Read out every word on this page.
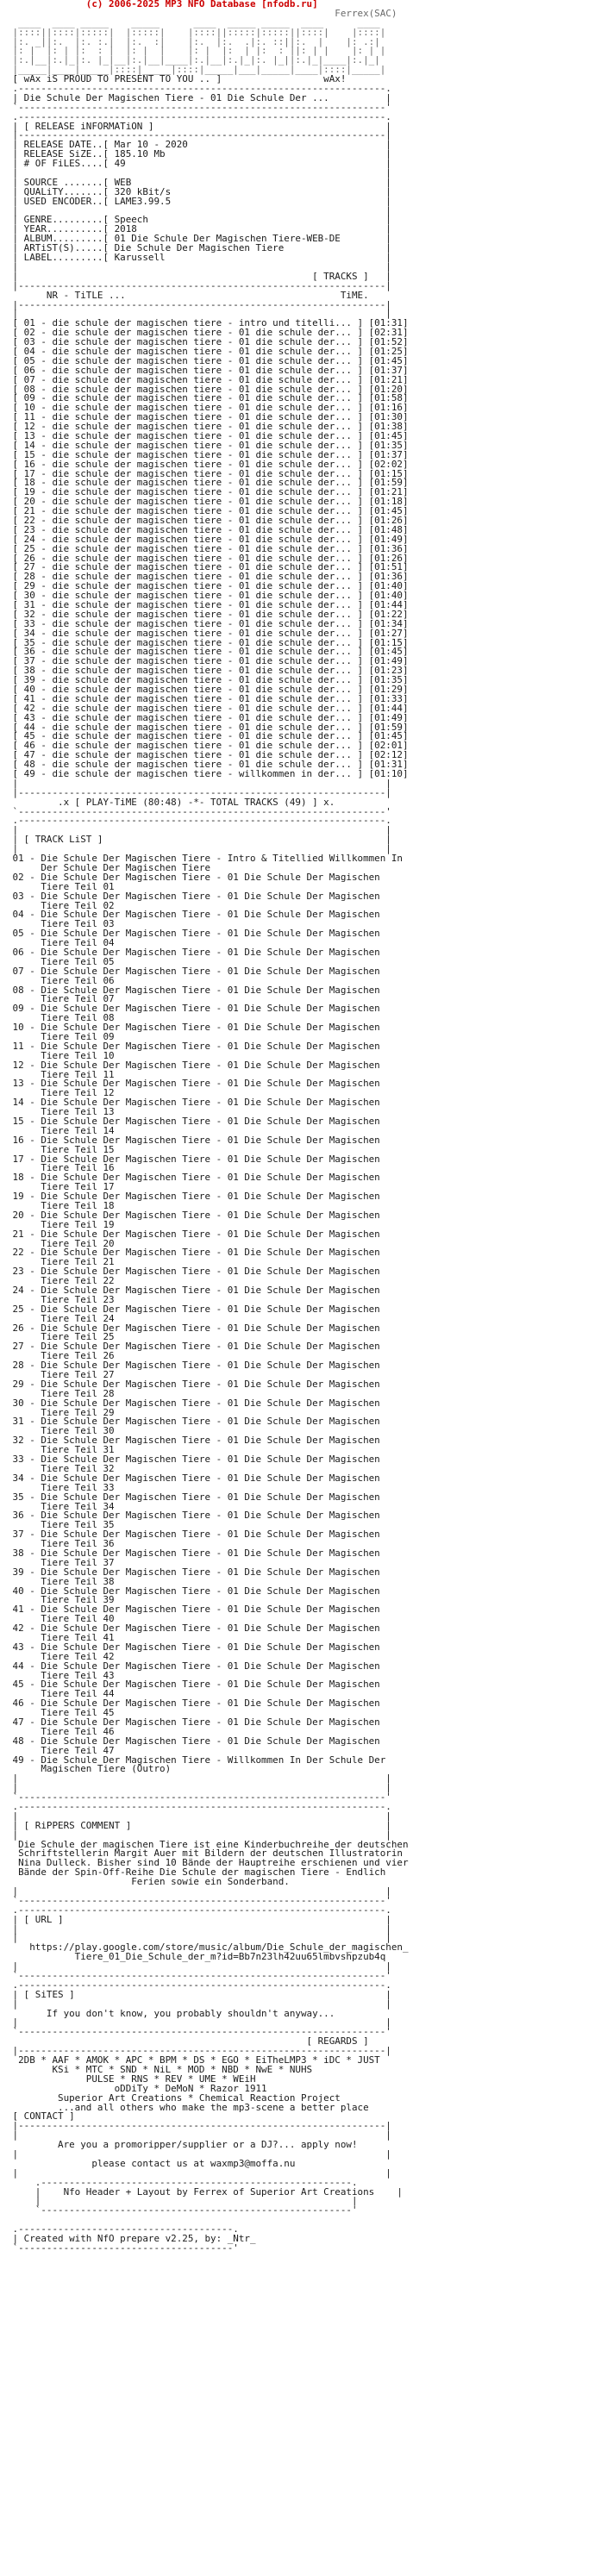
(c) 2006-2025 MP3 NFO Database [nfodb.ru]
Ferrex(SAC)
____  ____ _____    _____      ____  _____ _____  ____      ____
|::::||::::|:::::|  |:::::|    |::::||:::::|:::::||::::|    |::::|
|:. _||:.  |:. :.|  |:.  :|    |:.  |:.  .|:. ::||:.  |    |: .:|
|: |  |: | |:  : |  |: |  |    |: |  |:  | |:  : ||: | |    |: | |
|:.|__|:.|_|:. |_|__|:.|__|____|:.|__|:.|_|:. |_||:.|_|____|:.|_|
|_____|____|_____|::::|_____|::::|_____|___|_____|____|::::|_____|
[ wAx iS PROUD TO PRESENT TO YOU .. ]                  wAx!
.-----------------------------------------------------------------.
| Die Schule Der Magischen Tiere - 01 Die Schule Der ...          |
`-----------------------------------------------------------------'
.-----------------------------------------------------------------.
| [ RELEASE iNFORMATiON ]                                         |
|-----------------------------------------------------------------|
| RELEASE DATE..[ Mar 10 - 2020                                   |
| RELEASE SiZE..[ 185.10 Mb                                       |
| # OF FiLES....[ 49                                              |
|                                                                 |
| SOURCE .......[ WEB                                             |
| QUALiTY.......[ 320 kBit/s                                      |
| USED ENCODER..[ LAME3.99.5                                      |
|                                                                 |
| GENRE.........[ Speech                                          |
| YEAR..........[ 2018                                            |
| ALBUM.........[ 01 Die Schule Der Magischen Tiere-WEB-DE        |
| ARTiST(S).....[ Die Schule Der Magischen Tiere                  |
| LABEL.........[ Karussell                                       |
|                                                                 |
|                                                    [ TRACKS ]   |
|-----------------------------------------------------------------|
NR - TiTLE ...                                      TiME.
|-----------------------------------------------------------------|
|                                                                 |
[ 01 - die schule der magischen tiere - intro und titelli... ] [01:31]
[ 02 - die schule der magischen tiere - 01 die schule der... ] [02:31]
[ 03 - die schule der magischen tiere - 01 die schule der... ] [01:52]
[ 04 - die schule der magischen tiere - 01 die schule der... ] [01:25]
[ 05 - die schule der magischen tiere - 01 die schule der... ] [01:45]
[ 06 - die schule der magischen tiere - 01 die schule der... ] [01:37]
[ 07 - die schule der magischen tiere - 01 die schule der... ] [01:21]
[ 08 - die schule der magischen tiere - 01 die schule der... ] [01:20]
[ 09 - die schule der magischen tiere - 01 die schule der... ] [01:58]
[ 10 - die schule der magischen tiere - 01 die schule der... ] [01:16]
[ 11 - die schule der magischen tiere - 01 die schule der... ] [01:30]
[ 12 - die schule der magischen tiere - 01 die schule der... ] [01:38]
[ 13 - die schule der magischen tiere - 01 die schule der... ] [01:45]
[ 14 - die schule der magischen tiere - 01 die schule der... ] [01:35]
[ 15 - die schule der magischen tiere - 01 die schule der... ] [01:37]
[ 16 - die schule der magischen tiere - 01 die schule der... ] [02:02]
[ 17 - die schule der magischen tiere - 01 die schule der... ] [01:15]
[ 18 - die schule der magischen tiere - 01 die schule der... ] [01:59]
[ 19 - die schule der magischen tiere - 01 die schule der... ] [01:21]
[ 20 - die schule der magischen tiere - 01 die schule der... ] [01:18]
[ 21 - die schule der magischen tiere - 01 die schule der... ] [01:45]
[ 22 - die schule der magischen tiere - 01 die schule der... ] [01:26]
[ 23 - die schule der magischen tiere - 01 die schule der... ] [01:48]
[ 24 - die schule der magischen tiere - 01 die schule der... ] [01:49]
[ 25 - die schule der magischen tiere - 01 die schule der... ] [01:36]
[ 26 - die schule der magischen tiere - 01 die schule der... ] [01:26]
[ 27 - die schule der magischen tiere - 01 die schule der... ] [01:51]
[ 28 - die schule der magischen tiere - 01 die schule der... ] [01:36]
[ 29 - die schule der magischen tiere - 01 die schule der... ] [01:40]
[ 30 - die schule der magischen tiere - 01 die schule der... ] [01:40]
[ 31 - die schule der magischen tiere - 01 die schule der... ] [01:44]
[ 32 - die schule der magischen tiere - 01 die schule der... ] [01:22]
[ 33 - die schule der magischen tiere - 01 die schule der... ] [01:34]
[ 34 - die schule der magischen tiere - 01 die schule der... ] [01:27]
[ 35 - die schule der magischen tiere - 01 die schule der... ] [01:15]
[ 36 - die schule der magischen tiere - 01 die schule der... ] [01:45]
[ 37 - die schule der magischen tiere - 01 die schule der... ] [01:49]
[ 38 - die schule der magischen tiere - 01 die schule der... ] [01:23]
[ 39 - die schule der magischen tiere - 01 die schule der... ] [01:35]
[ 40 - die schule der magischen tiere - 01 die schule der... ] [01:29]
[ 41 - die schule der magischen tiere - 01 die schule der... ] [01:33]
[ 42 - die schule der magischen tiere - 01 die schule der... ] [01:44]
[ 43 - die schule der magischen tiere - 01 die schule der... ] [01:49]
[ 44 - die schule der magischen tiere - 01 die schule der... ] [01:59]
[ 45 - die schule der magischen tiere - 01 die schule der... ] [01:45]
[ 46 - die schule der magischen tiere - 01 die schule der... ] [02:01]
[ 47 - die schule der magischen tiere - 01 die schule der... ] [02:12]
[ 48 - die schule der magischen tiere - 01 die schule der... ] [01:31]
[ 49 - die schule der magischen tiere - willkommen in der... ] [01:10]
|                                                                 |
|-----------------------------------------------------------------|
.x [ PLAY-TiME (80:48) -*- TOTAL TRACKS (49) ] x.
`-----------------------------------------------------------------'
.-----------------------------------------------------------------.
|                                                                 |
| [ TRACK LiST ]                                                  |
|                                                                 |
01 - Die Schule Der Magischen Tiere - Intro & Titellied Willkommen In
Der Schule Der Magischen Tiere
02 - Die Schule Der Magischen Tiere - 01 Die Schule Der Magischen
Tiere Teil 01
03 - Die Schule Der Magischen Tiere - 01 Die Schule Der Magischen
Tiere Teil 02
04 - Die Schule Der Magischen Tiere - 01 Die Schule Der Magischen
Tiere Teil 03
05 - Die Schule Der Magischen Tiere - 01 Die Schule Der Magischen
Tiere Teil 04
06 - Die Schule Der Magischen Tiere - 01 Die Schule Der Magischen
Tiere Teil 05
07 - Die Schule Der Magischen Tiere - 01 Die Schule Der Magischen
Tiere Teil 06
08 - Die Schule Der Magischen Tiere - 01 Die Schule Der Magischen
Tiere Teil 07
09 - Die Schule Der Magischen Tiere - 01 Die Schule Der Magischen
Tiere Teil 08
10 - Die Schule Der Magischen Tiere - 01 Die Schule Der Magischen
Tiere Teil 09
11 - Die Schule Der Magischen Tiere - 01 Die Schule Der Magischen
Tiere Teil 10
12 - Die Schule Der Magischen Tiere - 01 Die Schule Der Magischen
Tiere Teil 11
13 - Die Schule Der Magischen Tiere - 01 Die Schule Der Magischen
Tiere Teil 12
14 - Die Schule Der Magischen Tiere - 01 Die Schule Der Magischen
Tiere Teil 13
15 - Die Schule Der Magischen Tiere - 01 Die Schule Der Magischen
Tiere Teil 14
16 - Die Schule Der Magischen Tiere - 01 Die Schule Der Magischen
Tiere Teil 15
17 - Die Schule Der Magischen Tiere - 01 Die Schule Der Magischen
Tiere Teil 16
18 - Die Schule Der Magischen Tiere - 01 Die Schule Der Magischen
Tiere Teil 17
19 - Die Schule Der Magischen Tiere - 01 Die Schule Der Magischen
Tiere Teil 18
20 - Die Schule Der Magischen Tiere - 01 Die Schule Der Magischen
Tiere Teil 19
21 - Die Schule Der Magischen Tiere - 01 Die Schule Der Magischen
Tiere Teil 20
22 - Die Schule Der Magischen Tiere - 01 Die Schule Der Magischen
Tiere Teil 21
23 - Die Schule Der Magischen Tiere - 01 Die Schule Der Magischen
Tiere Teil 22
24 - Die Schule Der Magischen Tiere - 01 Die Schule Der Magischen
Tiere Teil 23
25 - Die Schule Der Magischen Tiere - 01 Die Schule Der Magischen
Tiere Teil 24
26 - Die Schule Der Magischen Tiere - 01 Die Schule Der Magischen
Tiere Teil 25
27 - Die Schule Der Magischen Tiere - 01 Die Schule Der Magischen
Tiere Teil 26
28 - Die Schule Der Magischen Tiere - 01 Die Schule Der Magischen
Tiere Teil 27
29 - Die Schule Der Magischen Tiere - 01 Die Schule Der Magischen
Tiere Teil 28
30 - Die Schule Der Magischen Tiere - 01 Die Schule Der Magischen
Tiere Teil 29
31 - Die Schule Der Magischen Tiere - 01 Die Schule Der Magischen
Tiere Teil 30
32 - Die Schule Der Magischen Tiere - 01 Die Schule Der Magischen
Tiere Teil 31
33 - Die Schule Der Magischen Tiere - 01 Die Schule Der Magischen
Tiere Teil 32
34 - Die Schule Der Magischen Tiere - 01 Die Schule Der Magischen
Tiere Teil 33
35 - Die Schule Der Magischen Tiere - 01 Die Schule Der Magischen
Tiere Teil 34
36 - Die Schule Der Magischen Tiere - 01 Die Schule Der Magischen
Tiere Teil 35
37 - Die Schule Der Magischen Tiere - 01 Die Schule Der Magischen
Tiere Teil 36
38 - Die Schule Der Magischen Tiere - 01 Die Schule Der Magischen
Tiere Teil 37
39 - Die Schule Der Magischen Tiere - 01 Die Schule Der Magischen
Tiere Teil 38
40 - Die Schule Der Magischen Tiere - 01 Die Schule Der Magischen
Tiere Teil 39
41 - Die Schule Der Magischen Tiere - 01 Die Schule Der Magischen
Tiere Teil 40
42 - Die Schule Der Magischen Tiere - 01 Die Schule Der Magischen
Tiere Teil 41
43 - Die Schule Der Magischen Tiere - 01 Die Schule Der Magischen
Tiere Teil 42
44 - Die Schule Der Magischen Tiere - 01 Die Schule Der Magischen
Tiere Teil 43
45 - Die Schule Der Magischen Tiere - 01 Die Schule Der Magischen
Tiere Teil 44
46 - Die Schule Der Magischen Tiere - 01 Die Schule Der Magischen
Tiere Teil 45
47 - Die Schule Der Magischen Tiere - 01 Die Schule Der Magischen
Tiere Teil 46
48 - Die Schule Der Magischen Tiere - 01 Die Schule Der Magischen
Tiere Teil 47
49 - Die Schule Der Magischen Tiere - Willkommen In Der Schule Der
Magischen Tiere (Outro)
|                                                                 |
|                                                                 |
`-----------------------------------------------------------------'
.-----------------------------------------------------------------.
|                                                                 |
| [ RiPPERS COMMENT ]                                             |
|                                                                 |
Die Schule der magischen Tiere ist eine Kinderbuchreihe der deutschen
Schriftstellerin Margit Auer mit Bildern der deutschen Illustratorin
Nina Dulleck. Bisher sind 10 Bände der Hauptreihe erschienen und vier
Bände der Spin-Off-Reihe Die Schule der magischen Tiere - Endlich
Ferien sowie ein Sonderband.
|                                                                 |
`-----------------------------------------------------------------'
.-----------------------------------------------------------------.
| [ URL ]                                                         |
|                                                                 |
|                                                                 |
https://play.google.com/store/music/album/Die_Schule_der_magischen_
Tiere_01_Die_Schule_der_m?id=Bb7n23lh42uu65lmbvshpzub4q
|                                                                 |
`-----------------------------------------------------------------'
.-----------------------------------------------------------------.
| [ SiTES ]                                                       |
|                                                                 |
If you don't know, you probably shouldn't anyway...
|                                                                 |
`-----------------------------------------------------------------'
[ REGARDS ]
|-----------------------------------------------------------------|
2DB * AAF * AMOK * APC * BPM * DS * EGO * EiTheLMP3 * iDC * JUST
KSi * MTC * SND * NiL * MOD * NBD * NwE * NUHS
PULSE * RNS * REV * UME * WEiH
oDDiTy * DeMoN * Razor 1911
Superior Art Creations * Chemical Reaction Project
...and all others who make the mp3-scene a better place
[ CONTACT ]
|-----------------------------------------------------------------|
|                                                                 |
Are you a promoripper/supplier or a DJ?... apply now!
|                                                                 |
please contact us at waxmp3@moffa.nu
|                                                                 |
.-------------------------------------------------------.
|    Nfo Header + Layout by Ferrex of Superior Art Creations    |
|                                                       |
`-------------------------------------------------------'

.--------------------------------------.
| Created with NfO prepare v2.25, by: _Ntr_
`--------------------------------------'
